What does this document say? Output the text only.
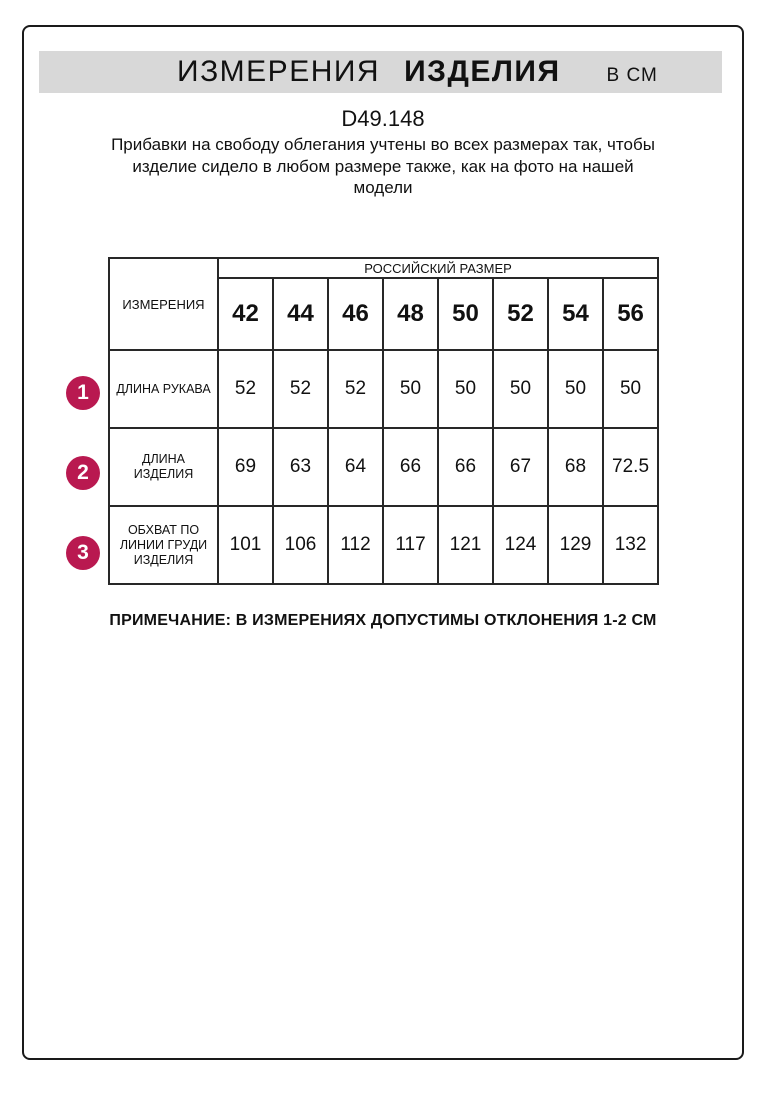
ИЗМЕРЕНИЯ ИЗДЕЛИЯ В СМ
D49.148
Прибавки на свободу облегания учтены во всех размерах так, чтобы
изделие сидело в любом размере также, как на фото на нашей
модели
ИЗМЕРЕНИЯ	РОССИЙСКИЙ РАЗМЕР							
	42	44	46	48	50	52	54	56
ДЛИНА РУКАВА	52	52	52	50	50	50	50	50
ДЛИНА ИЗДЕЛИЯ	69	63	64	66	66	67	68	72.5
ОБХВАТ ПО ЛИНИИ ГРУДИ ИЗДЕЛИЯ	101	106	112	117	121	124	129	132
1
2
3
ПРИМЕЧАНИЕ: В ИЗМЕРЕНИЯХ ДОПУСТИМЫ ОТКЛОНЕНИЯ 1-2 СМ
